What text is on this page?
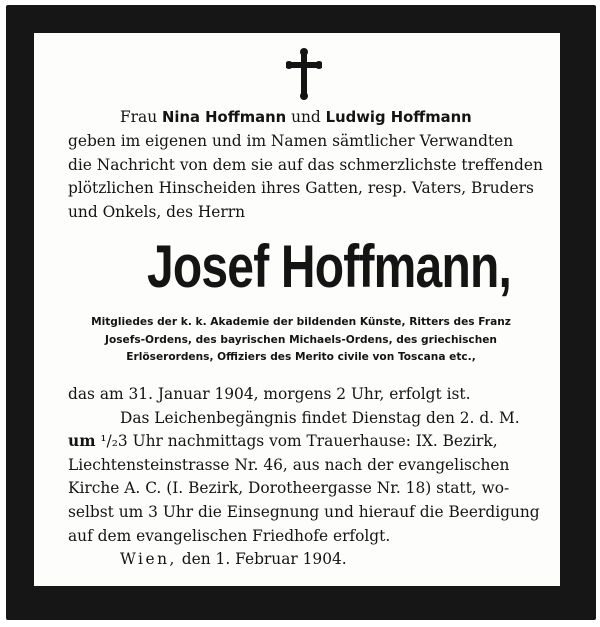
Frau Nina Hoffmann und Ludwig Hoffmann
geben im eigenen und im Namen sämtlicher Verwandten
die Nachricht von dem sie auf das schmerzlichste treffenden
plötzlichen Hinscheiden ihres Gatten, resp. Vaters, Bruders
und Onkels, des Herrn
Josef Hoffmann,
Mitgliedes der k. k. Akademie der bildenden Künste, Ritters des Franz
Josefs-Ordens, des bayrischen Michaels-Ordens, des griechischen
Erlöserordens, Offiziers des Merito civile von Toscana etc.,
das am 31. Januar 1904, morgens 2 Uhr, erfolgt ist.
Das Leichenbegängnis findet Dienstag den 2. d. M.
um ¹/₂3 Uhr nachmittags vom Trauerhause: IX. Bezirk,
Liechtensteinstrasse Nr. 46, aus nach der evangelischen
Kirche A. C. (I. Bezirk, Dorotheergasse Nr. 18) statt, wo-
selbst um 3 Uhr die Einsegnung und hierauf die Beerdigung
auf dem evangelischen Friedhofe erfolgt.
Wien, den 1. Februar 1904.
